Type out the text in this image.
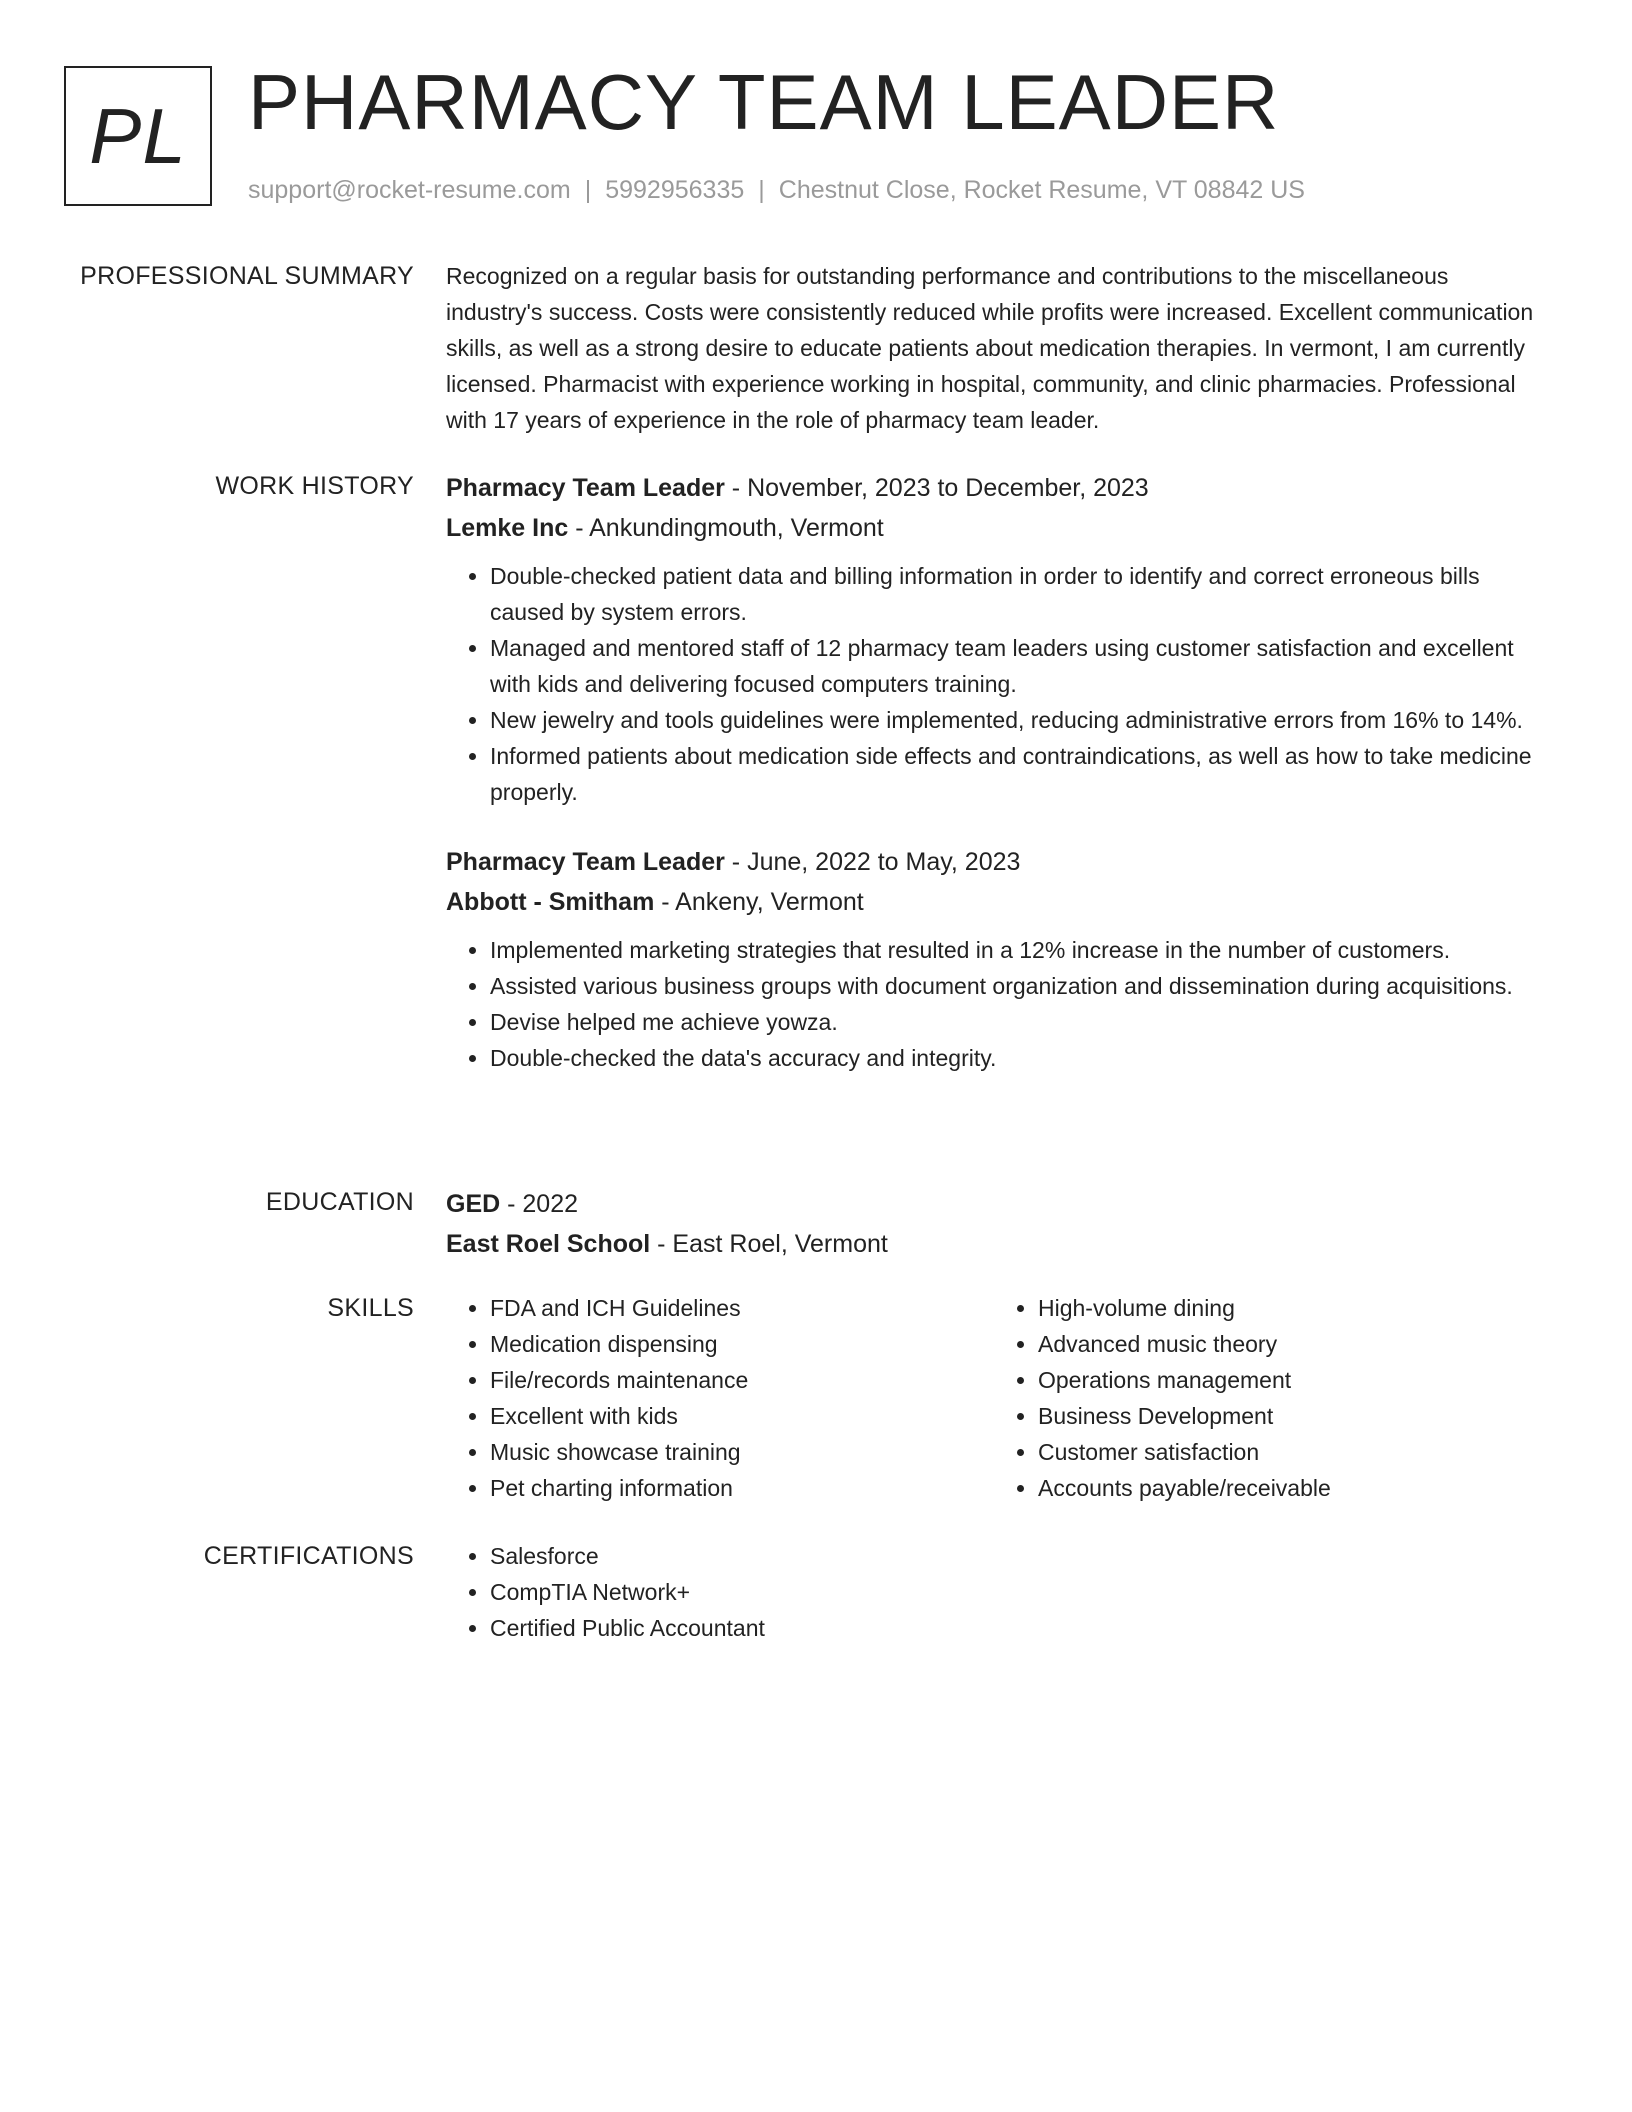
PL PHARMACY TEAM LEADER
support@rocket-resume.com | 5992956335 | Chestnut Close, Rocket Resume, VT 08842 US
PROFESSIONAL SUMMARY Recognized on a regular basis for outstanding performance and contributions to the miscellaneous industry's success. Costs were consistently reduced while profits were increased. Excellent communication skills, as well as a strong desire to educate patients about medication therapies. In vermont, I am currently licensed. Pharmacist with experience working in hospital, community, and clinic pharmacies. Professional with 17 years of experience in the role of pharmacy team leader.

WORK HISTORY Pharmacy Team Leader - November, 2023 to December, 2023
Lemke Inc - Ankundingmouth, Vermont
• Double-checked patient data and billing information in order to identify and correct erroneous bills caused by system errors.
• Managed and mentored staff of 12 pharmacy team leaders using customer satisfaction and excellent with kids and delivering focused computers training.
• New jewelry and tools guidelines were implemented, reducing administrative errors from 16% to 14%.
• Informed patients about medication side effects and contraindications, as well as how to take medicine properly.
Pharmacy Team Leader - June, 2022 to May, 2023
Abbott - Smitham - Ankeny, Vermont
• Implemented marketing strategies that resulted in a 12% increase in the number of customers.
• Assisted various business groups with document organization and dissemination during acquisitions.
• Devise helped me achieve yowza.
• Double-checked the data's accuracy and integrity.
EDUCATION GED - 2022
East Roel School - East Roel, Vermont
SKILLS	• FDA and ICH Guidelines
• Medication dispensing
• File/records maintenance
• Excellent with kids
• Music showcase training
• Pet charting information
• High-volume dining
• Advanced music theory
• Operations management
• Business Development
• Customer satisfaction
• Accounts payable/receivable
CERTIFICATIONS	• Salesforce
• CompTIA Network+
• Certified Public Accountant
